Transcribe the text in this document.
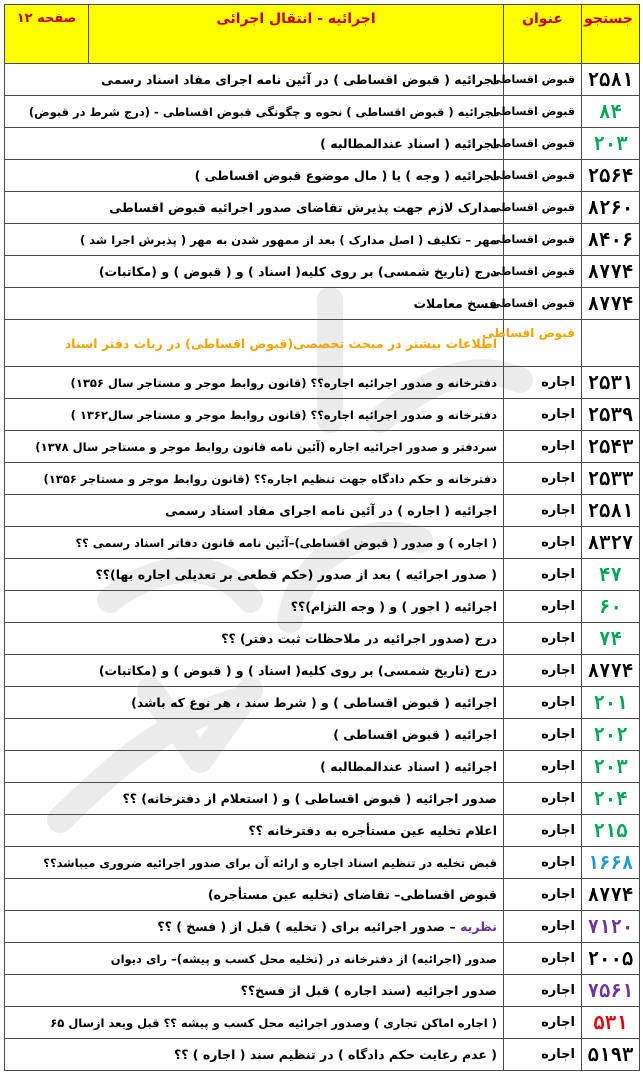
جستجو	عنوان	اجرائیه - انتقال اجرائی	صفحه ۱۲
۲۵۸۱	قبوض اقساطی	اجرائیه ( قبوض اقساطی ) در آئین نامه اجرای مفاد اسناد رسمی	
۸۴	قبوض اقساطی	اجرائیه ( قبوض اقساطی ) نحوه و چگونگی قبوض اقساطی - (درج شرط در قبوض)	
۲۰۳	قبوض اقساطی	اجرائیه ( اسناد عندالمطالبه )	
۲۵۶۴	قبوض اقساطی	اجرائیه ( وجه ) یا ( مال موضوع قبوض اقساطی )	
۸۲۶۰	قبوض اقساطی	مدارک لازم جهت پذیرش تقاضای صدور اجرائیه قبوض اقساطی	
۸۴۰۶	قبوض اقساطی	مهر – تکلیف ( اصل مدارک ) بعد از ممهور شدن به مهر ( پذیرش اجرا شد )	
۸۷۷۴	قبوض اقساطی	درج (تاریخ شمسی) بر روی کلیه( اسناد ) و ( قبوض ) و (مکاتبات)	
۸۷۷۴	قبوض اقساطی	فسخ معاملات	
	قبوض اقساطی	اطلاعات بیشتر در مبحث تخصصی(قبوض اقساطی) در ربات دفتر اسناد	
۲۵۳۱	اجاره	دفترخانه و صدور اجرائیه اجاره؟؟ (قانون روابط موجر و مستاجر سال ۱۳۵۶)	
۲۵۳۹	اجاره	دفترخانه و صدور اجرائیه اجاره؟؟ (قانون روابط موجر و مستاجر سال۱۳۶۲ )	
۲۵۴۳	اجاره	سردفتر و صدور اجرائیه اجاره (آئین نامه قانون روابط موجر و مستاجر سال ۱۳۷۸)	
۲۵۳۳	اجاره	دفترخانه و حکم دادگاه جهت تنظیم اجاره؟؟ (قانون روابط موجر و مستاجر ۱۳۵۶)	
۲۵۸۱	اجاره	اجرائیه ( اجاره ) در آئین نامه اجرای مفاد اسناد رسمی	
۸۳۲۷	اجاره	( اجاره ) و صدور ( قبوض اقساطی)–آئین نامه قانون دفاتر اسناد رسمی ؟؟	
۴۷	اجاره	( صدور اجرائیه ) بعد از صدور (حکم قطعی بر تعدیلی اجاره بها)؟؟	
۶۰	اجاره	اجرائیه ( اجور ) و ( وجه التزام)؟؟	
۷۴	اجاره	درج (صدور اجرائیه در ملاحظات ثبت دفتر) ؟؟	
۸۷۷۴	اجاره	درج (تاریخ شمسی) بر روی کلیه( اسناد ) و ( قبوض ) و (مکاتبات)	
۲۰۱	اجاره	اجرائیه ( قبوض اقساطی ) و ( شرط سند ، هر نوع که باشد)	
۲۰۲	اجاره	اجرائیه ( قبوض اقساطی )	
۲۰۳	اجاره	اجرائیه ( اسناد عندالمطالبه )	
۲۰۴	اجاره	صدور اجرائیه ( قبوض اقساطی ) و ( استعلام از دفترخانه) ؟؟	
۲۱۵	اجاره	اعلام تخلیه عین مستأجره به دفترخانه ؟؟	
۱۶۶۸	اجاره	قبض تخلیه در تنظیم اسناد اجاره و ارائه آن برای صدور اجرائیه ضروری میباشد؟؟	
۸۷۷۴	اجاره	قبوض اقساطی– تقاضای (تخلیه عین مستأجره)	
۷۱۲۰	اجاره	نظریه – صدور اجرائیه برای ( تخلیه ) قبل از ( فسخ ) ؟؟	
۲۰۰۵	اجاره	صدور (اجرائیه) از دفترخانه در (تخلیه محل کسب و پیشه)– رای دیوان	
۷۵۶۱	اجاره	صدور اجرائیه (سند اجاره ) قبل از فسخ؟؟	
۵۳۱	اجاره	( اجاره اماکن تجاری ) وصدور اجرائیه محل کسب و پیشه ؟؟ قبل وبعد ازسال ۶۵	
۵۱۹۳	اجاره	( عدم رعایت حکم دادگاه ) در تنظیم سند ( اجاره ) ؟؟	
